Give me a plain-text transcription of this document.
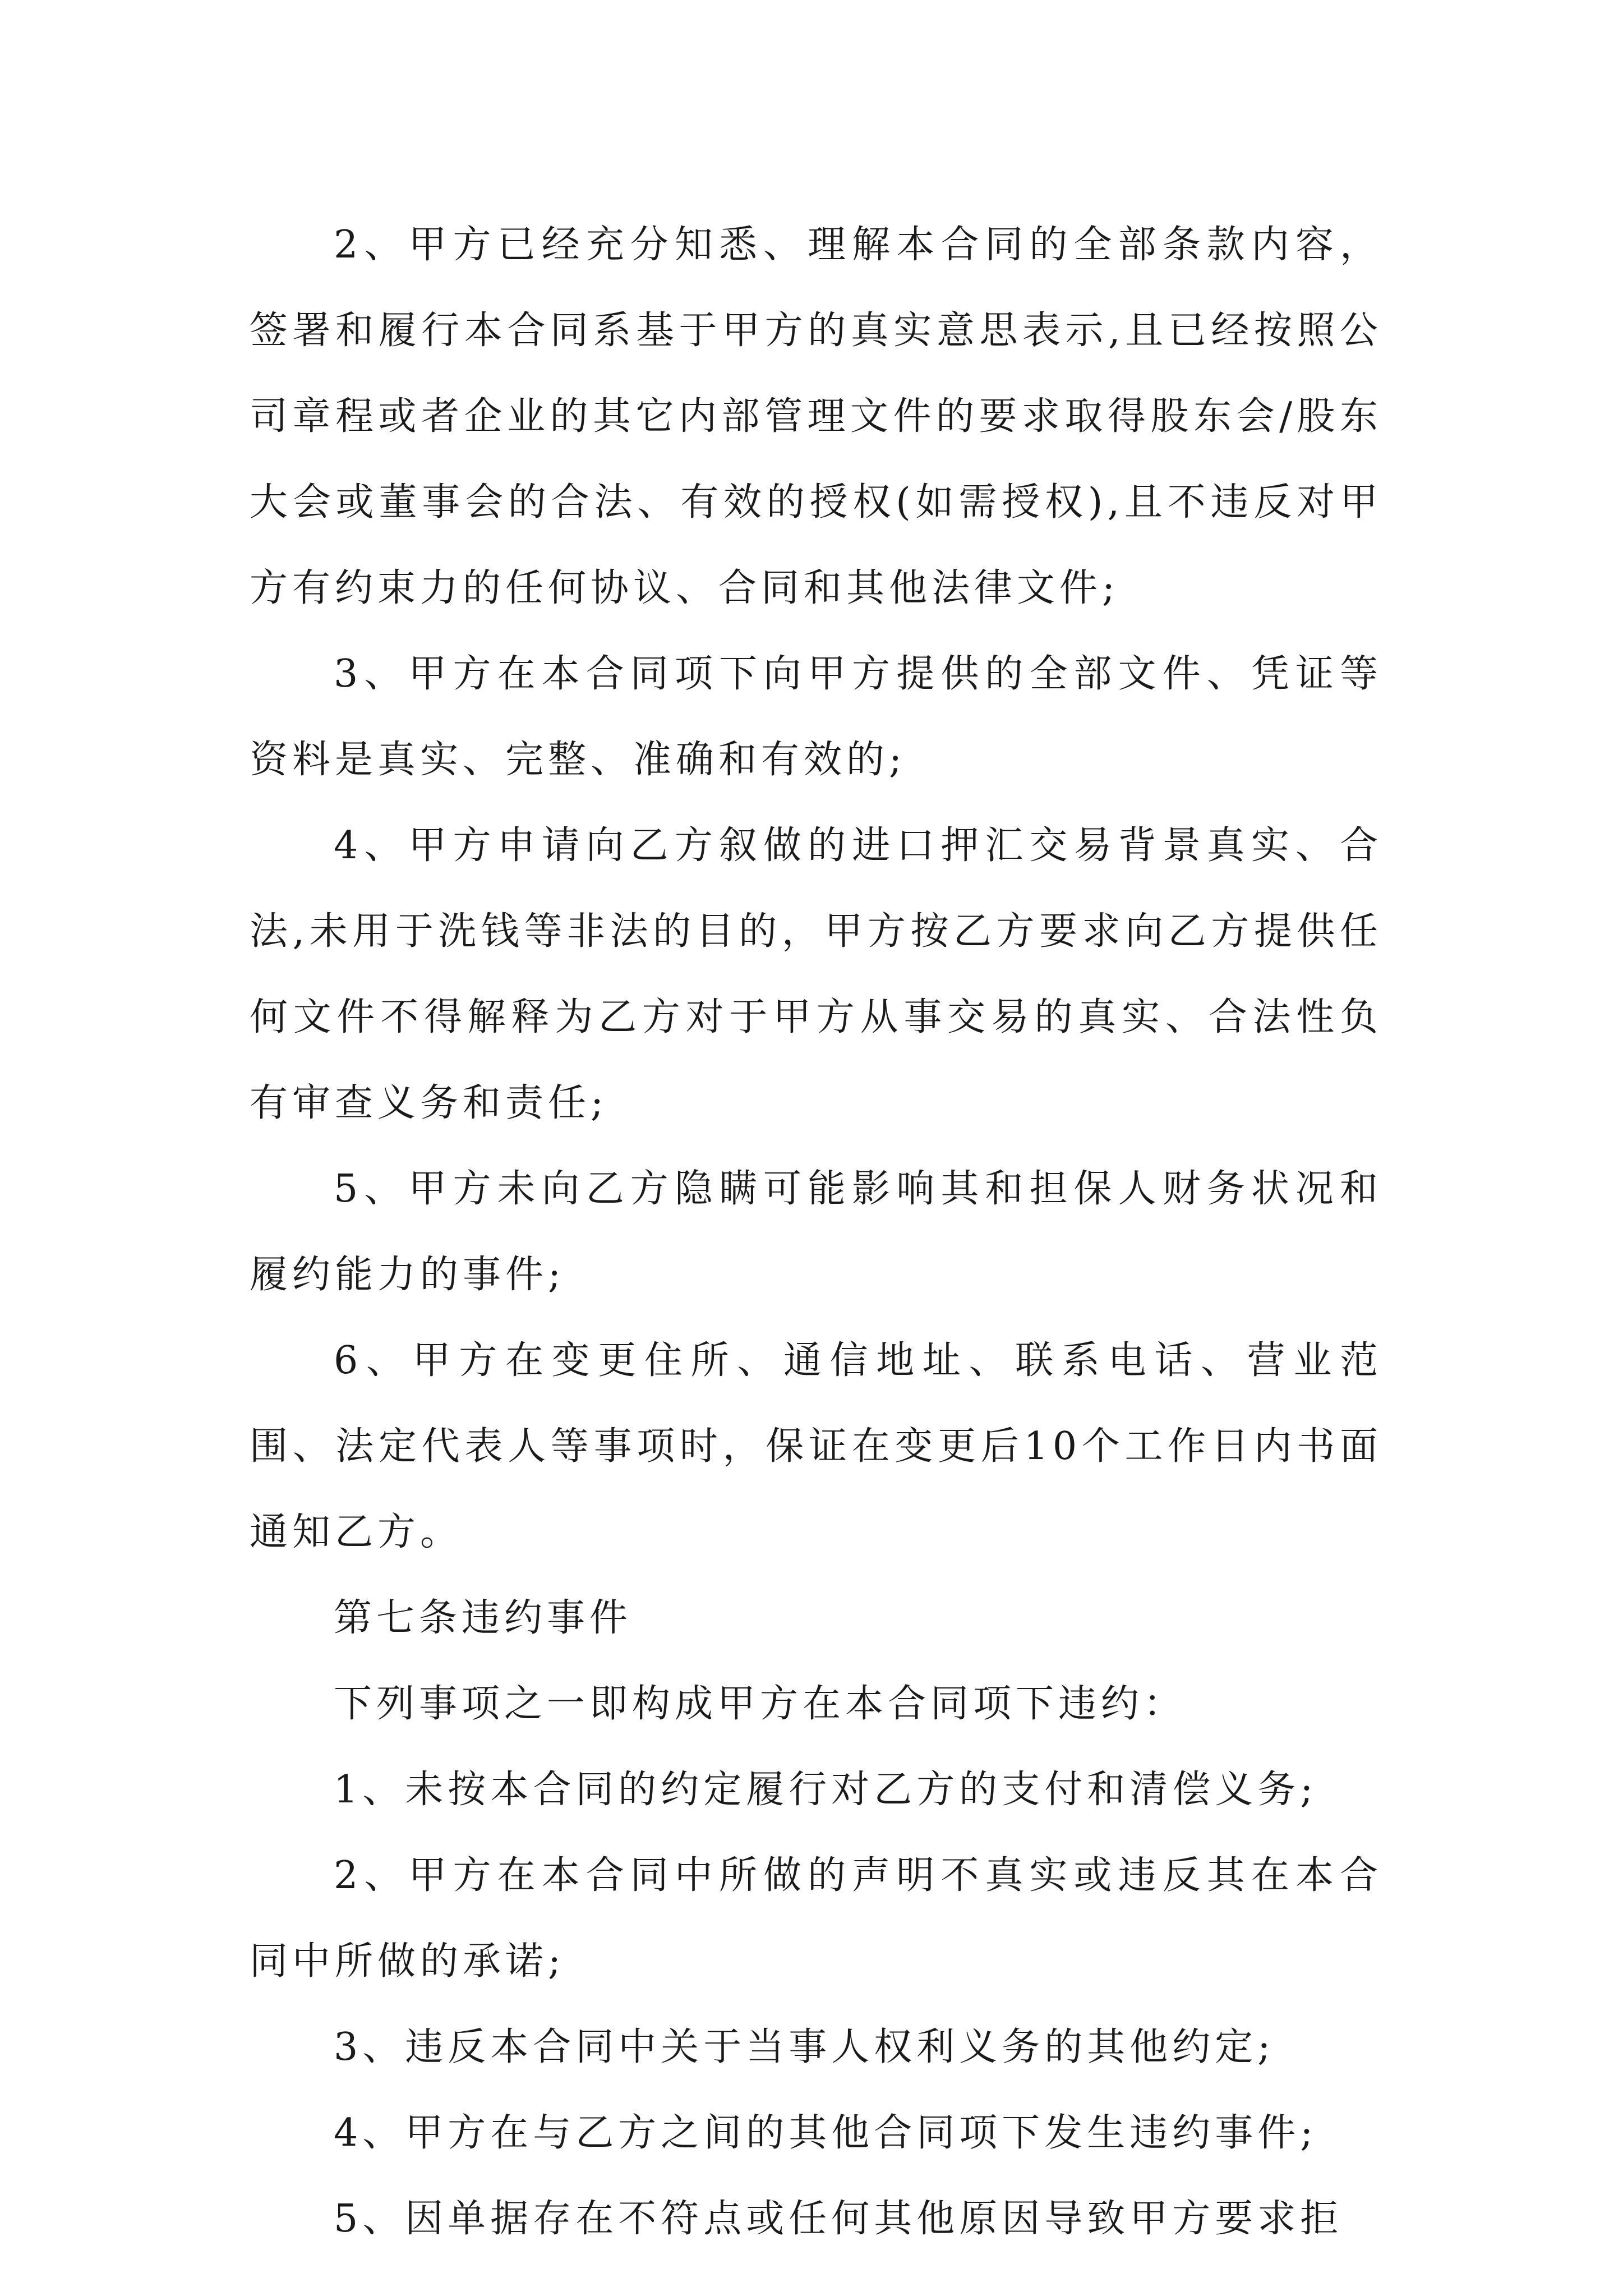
2、甲方已经充分知悉、理解本合同的全部条款内容，签署和履行本合同系基于甲方的真实意思表示,且已经按照公司章程或者企业的其它内部管理文件的要求取得股东会/股东大会或董事会的合法、有效的授权(如需授权),且不违反对甲方有约束力的任何协议、合同和其他法律文件;

3、甲方在本合同项下向甲方提供的全部文件、凭证等资料是真实、完整、准确和有效的;

4、甲方申请向乙方叙做的进口押汇交易背景真实、合法,未用于洗钱等非法的目的，甲方按乙方要求向乙方提供任何文件不得解释为乙方对于甲方从事交易的真实、合法性负有审查义务和责任;

5、甲方未向乙方隐瞒可能影响其和担保人财务状况和履约能力的事件;

6、甲方在变更住所、通信地址、联系电话、营业范围、法定代表人等事项时，保证在变更后10个工作日内书面通知乙方。

第七条违约事件

下列事项之一即构成甲方在本合同项下违约：

1、未按本合同的约定履行对乙方的支付和清偿义务;

2、甲方在本合同中所做的声明不真实或违反其在本合同中所做的承诺;

3、违反本合同中关于当事人权利义务的其他约定;

4、甲方在与乙方之间的其他合同项下发生违约事件;

5、因单据存在不符点或任何其他原因导致甲方要求拒
